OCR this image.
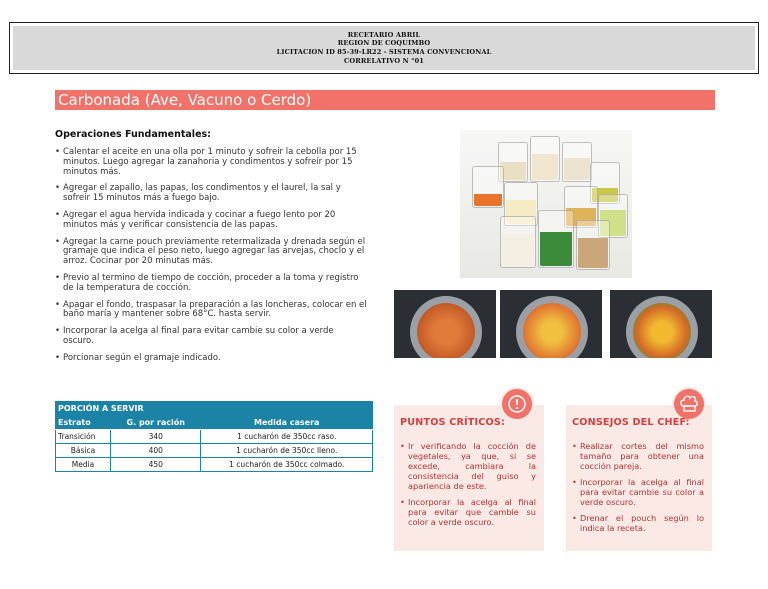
RECETARIO ABRIL
REGION DE COQUIMBO
LICITACION ID 85-39-LR22 - SISTEMA CONVENCIONAL
CORRELATIVO N °01
Carbonada (Ave, Vacuno o Cerdo)
Operaciones Fundamentales:
• Calentar el aceite en una olla por 1 minuto y sofreír la cebolla por 15 minutos. Luego agregar la zanahoria y condimentos y sofreír por 15 minutos más.
• Agregar el zapallo, las papas, los condimentos y el laurel, la sal y sofreír 15 minutos más a fuego bajo.
• Agregar el agua hervida indicada y cocinar a fuego lento por 20 minutos más y verificar consistencia de las papas.
• Agregar la carne pouch previamente retermalizada y drenada según el gramaje que indica el peso neto, luego agregar las arvejas, choclo y el arroz. Cocinar por 20 minutas más.
• Previo al termino de tiempo de cocción, proceder a la toma y registro de la temperatura de cocción.
• Apagar el fondo, traspasar la preparación a las loncheras, colocar en el baño maría y mantener sobre 68°C. hasta servir.
• Incorporar la acelga al final para evitar cambie su color a verde oscuro.
• Porcionar según el gramaje indicado.
PORCIÓN A SERVIR		
Estrato	G. por ración	Medida casera
Transición	340	1 cucharón de 350cc raso.
Básica	400	1 cucharón de 350cc lleno.
Media	450	1 cucharón de 350cc colmado.
PUNTOS CRÍTICOS:
• Ir verificando la cocción de vegetales, ya que, si se excede, cambiara la consistencia del guiso y apariencia de este.
• Incorporar la acelga al final para evitar que cambie su color a verde oscuro.
CONSEJOS DEL CHEF:
• Realizar cortes del mismo tamaño para obtener una cocción pareja.
• Incorporar la acelga al final para evitar cambie su color a verde oscuro.
• Drenar el pouch según lo indica la receta.
